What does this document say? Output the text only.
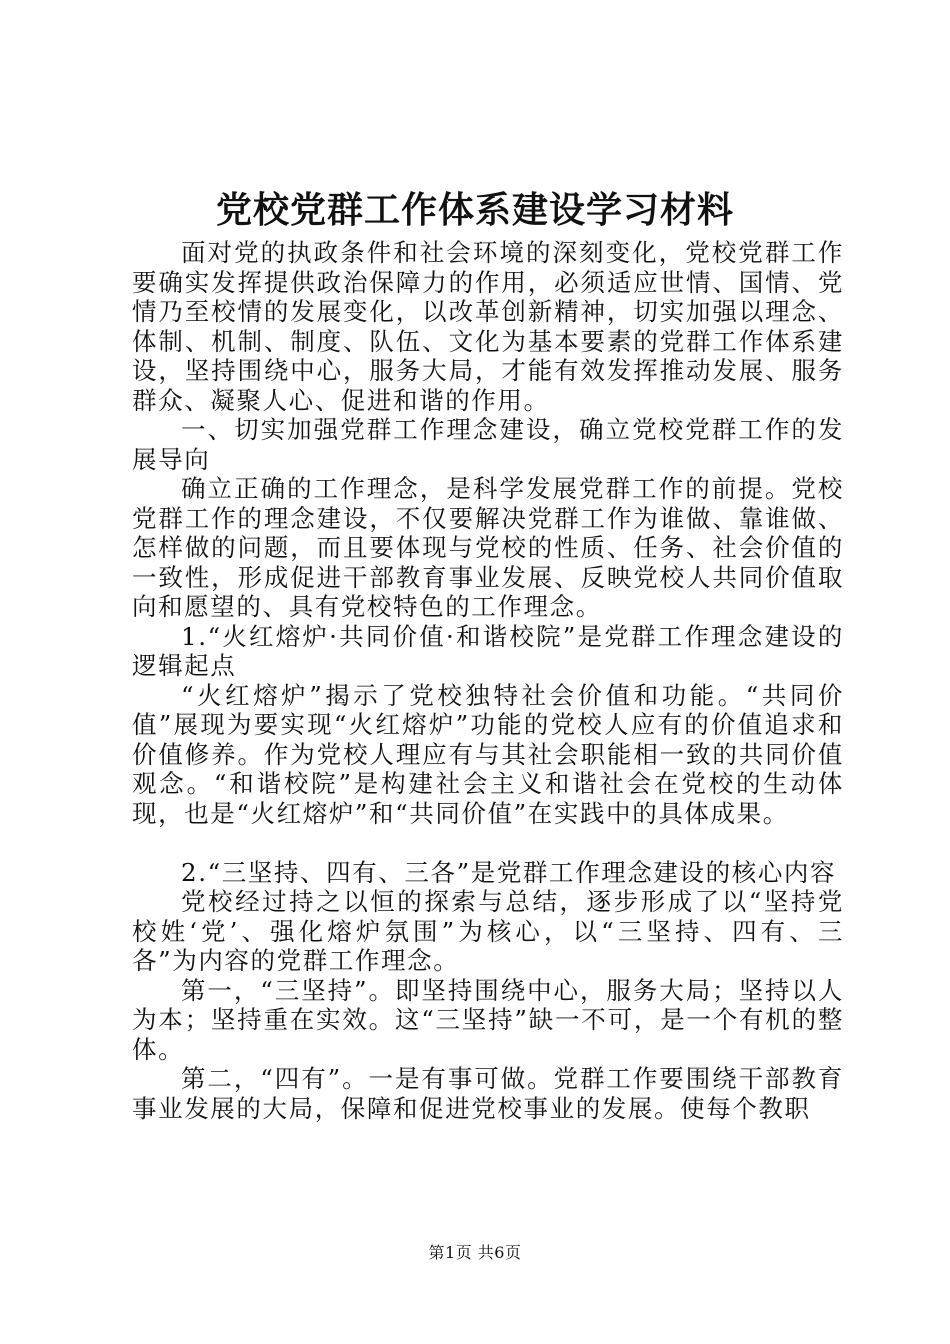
党校党群工作体系建设学习材料

面对党的执政条件和社会环境的深刻变化，党校党群工作要确实发挥提供政治保障力的作用，必须适应世情、国情、党情乃至校情的发展变化，以改革创新精神，切实加强以理念、体制、机制、制度、队伍、文化为基本要素的党群工作体系建设，坚持围绕中心，服务大局，才能有效发挥推动发展、服务群众、凝聚人心、促进和谐的作用。

一、切实加强党群工作理念建设，确立党校党群工作的发展导向

确立正确的工作理念，是科学发展党群工作的前提。党校党群工作的理念建设，不仅要解决党群工作为谁做、靠谁做、怎样做的问题，而且要体现与党校的性质、任务、社会价值的一致性，形成促进干部教育事业发展、反映党校人共同价值取向和愿望的、具有党校特色的工作理念。

1.“火红熔炉·共同价值·和谐校院”是党群工作理念建设的逻辑起点

“火红熔炉”揭示了党校独特社会价值和功能。“共同价值”展现为要实现“火红熔炉”功能的党校人应有的价值追求和价值修养。作为党校人理应有与其社会职能相一致的共同价值观念。“和谐校院”是构建社会主义和谐社会在党校的生动体现，也是“火红熔炉”和“共同价值”在实践中的具体成果。

2.“三坚持、四有、三各”是党群工作理念建设的核心内容

党校经过持之以恒的探索与总结，逐步形成了以“坚持党校姓‘党’、强化熔炉氛围”为核心，以“三坚持、四有、三各”为内容的党群工作理念。

第一，“三坚持”。即坚持围绕中心，服务大局；坚持以人为本；坚持重在实效。这“三坚持”缺一不可，是一个有机的整体。

第二，“四有”。一是有事可做。党群工作要围绕干部教育事业发展的大局，保障和促进党校事业的发展。使每个教职

第1页 共6页
